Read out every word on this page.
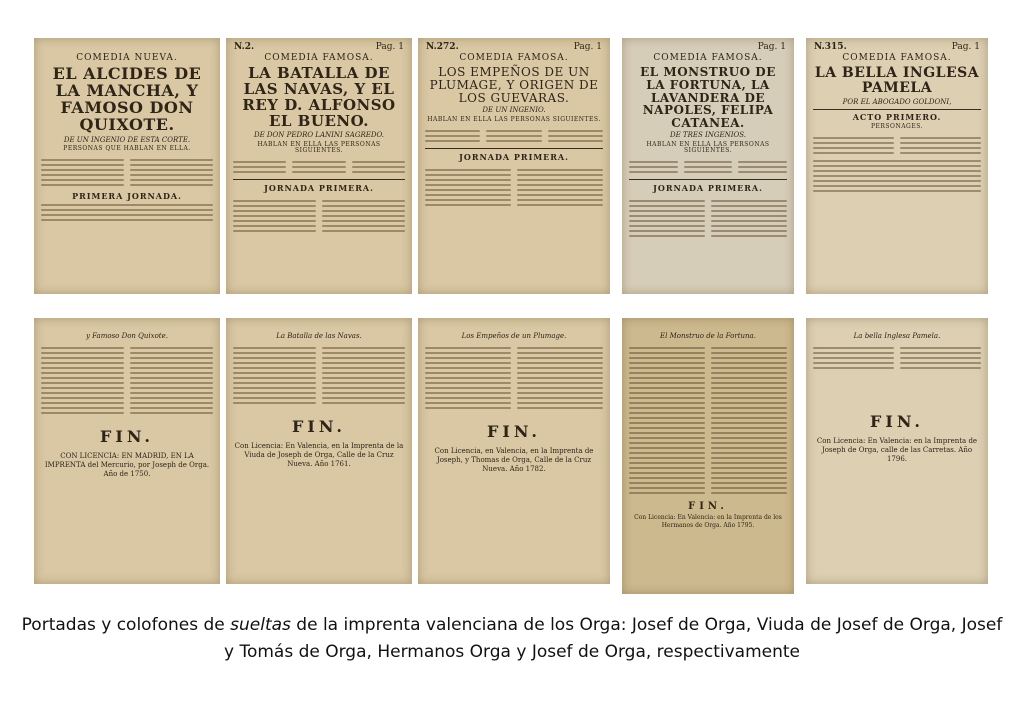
COMEDIA NUEVA.
EL ALCIDES DE LA MANCHA, Y FAMOSO DON QUIXOTE.
DE UN INGENIO DE ESTA CORTE.
PERSONAS QUE HABLAN EN ELLA.
PRIMERA JORNADA.
N.2.	Pag. 1
COMEDIA FAMOSA.
LA BATALLA DE LAS NAVAS, Y EL REY D. ALFONSO EL BUENO.
DE DON PEDRO LANINI SAGREDO.
HABLAN EN ELLA LAS PERSONAS SIGUIENTES.
JORNADA PRIMERA.
N.272.	Pag. 1
COMEDIA FAMOSA.
LOS EMPEÑOS DE UN PLUMAGE, Y ORIGEN DE LOS GUEVARAS.
DE UN INGENIO.
HABLAN EN ELLA LAS PERSONAS SIGUIENTES.
JORNADA PRIMERA.
Pag. 1
COMEDIA FAMOSA.
EL MONSTRUO DE LA FORTUNA, LA LAVANDERA DE NAPOLES, FELIPA CATANEA.
DE TRES INGENIOS.
HABLAN EN ELLA LAS PERSONAS SIGUIENTES.
JORNADA PRIMERA.
N.315.	Pag. 1
COMEDIA FAMOSA.
LA BELLA INGLESA PAMELA
POR EL ABOGADO GOLDONI,
ACTO PRIMERO.
PERSONAGES.
y Famoso Don Quixote.
FIN.
CON LICENCIA: EN MADRID, EN LA IMPRENTA del Mercurio, por Joseph de Orga. Año de 1750.
La Batalla de las Navas.
FIN.
Con Licencia: En Valencia, en la Imprenta de la Viuda de Joseph de Orga, Calle de la Cruz Nueva. Año 1761.
Los Empeños de un Plumage.
FIN.
Con Licencia, en Valencia, en la Imprenta de Joseph, y Thomas de Orga, Calle de la Cruz Nueva. Año 1782.
El Monstruo de la Fortuna.
FIN.
Con Licencia: En Valencia: en la Imprenta de los Hermanos de Orga. Año 1795.
La bella Inglesa Pamela.
FIN.
Con Licencia: En Valencia: en la Imprenta de Joseph de Orga, calle de las Carretas. Año 1796.
Portadas y colofones de sueltas de la imprenta valenciana de los Orga: Josef de Orga, Viuda de Josef de Orga, Josef y Tomás de Orga, Hermanos Orga y Josef de Orga, respectivamente
